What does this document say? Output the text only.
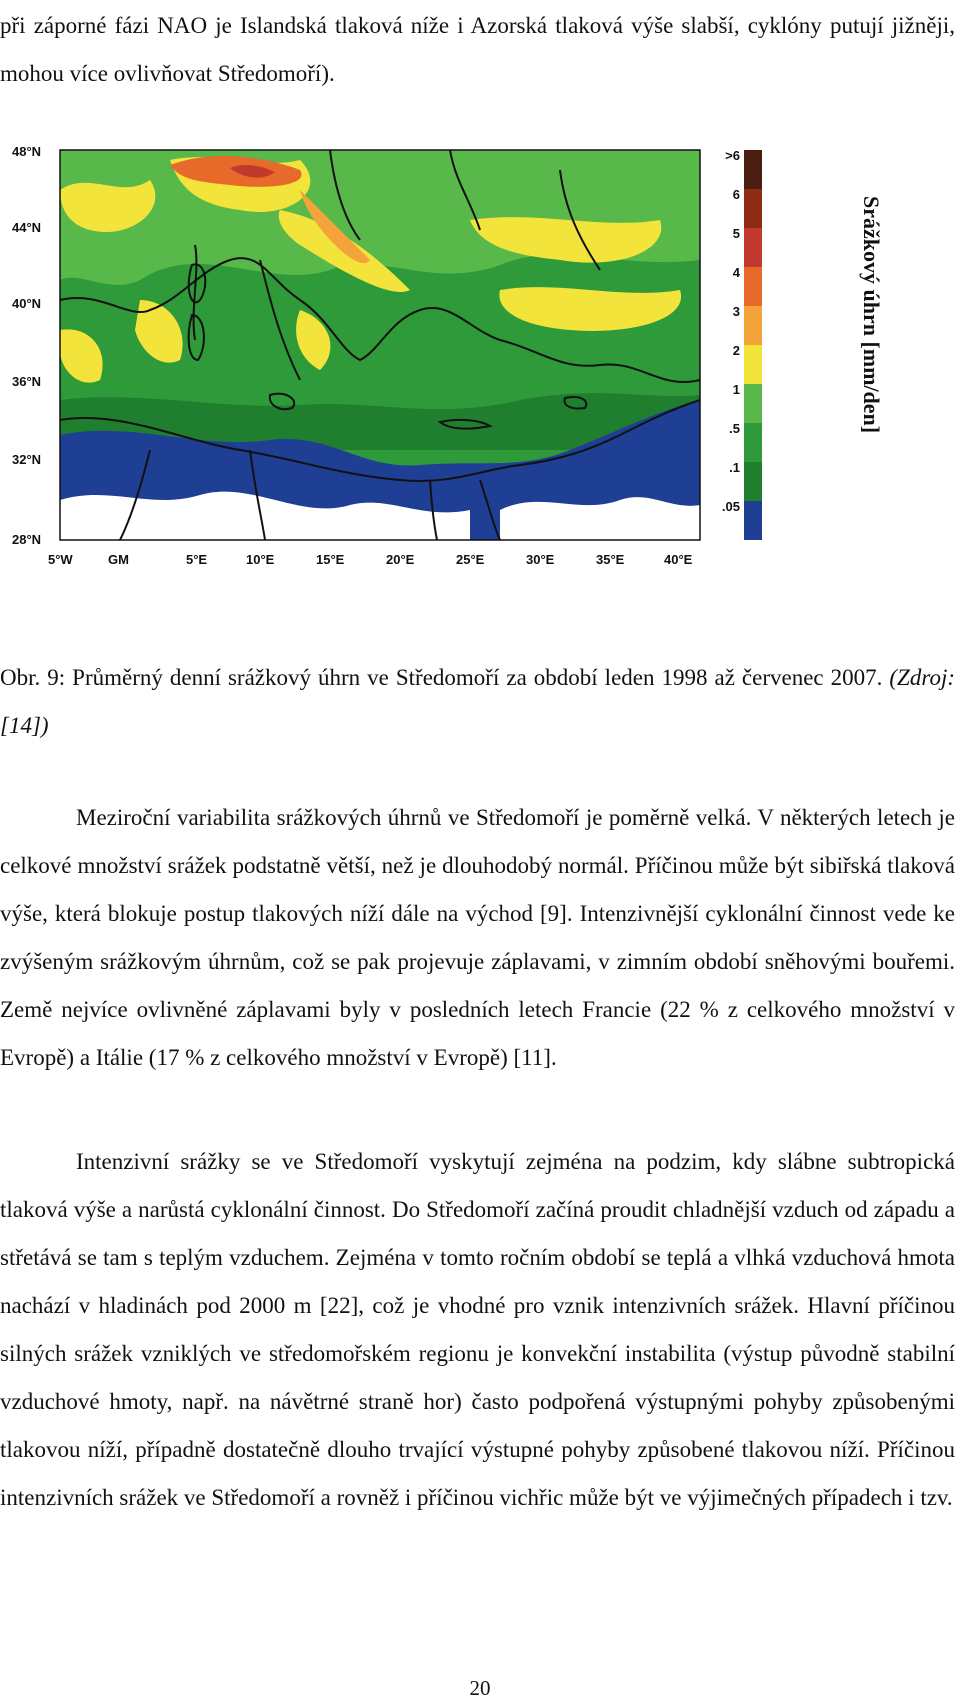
při záporné fázi NAO je Islandská tlaková níže i Azorská tlaková výše slabší, cyklóny putují jižněji, mohou více ovlivňovat Středomoří).

48°N
44°N
40°N
36°N
32°N
28°N
5°W	GM	5°E	10°E	15°E	20°E	25°E	30°E	35°E	40°E
>6
6
5
4
3
2
1
.5
.1
.05
Srážkový úhrn [mm/den]

Obr. 9: Průměrný denní srážkový úhrn ve Středomoří za období leden 1998 až červenec 2007. (Zdroj: [14])

Meziroční variabilita srážkových úhrnů ve Středomoří je poměrně velká. V některých letech je celkové množství srážek podstatně větší, než je dlouhodobý normál. Příčinou může být sibiřská tlaková výše, která blokuje postup tlakových níží dále na východ [9]. Intenzivnější cyklonální činnost vede ke zvýšeným srážkovým úhrnům, což se pak projevuje záplavami, v zimním období sněhovými bouřemi. Země nejvíce ovlivněné záplavami byly v posledních letech Francie (22 % z celkového množství v Evropě) a Itálie (17 % z celkového množství v Evropě) [11].

Intenzivní srážky se ve Středomoří vyskytují zejména na podzim, kdy slábne subtropická tlaková výše a narůstá cyklonální činnost. Do Středomoří začíná proudit chladnější vzduch od západu a střetává se tam s teplým vzduchem. Zejména v tomto ročním období se teplá a vlhká vzduchová hmota nachází v hladinách pod 2000 m [22], což je vhodné pro vznik intenzivních srážek. Hlavní příčinou silných srážek vzniklých ve středomořském regionu je konvekční instabilita (výstup původně stabilní vzduchové hmoty, např. na návětrné straně hor) často podpořená výstupnými pohyby způsobenými tlakovou níží, případně dostatečně dlouho trvající výstupné pohyby způsobené tlakovou níží. Příčinou intenzivních srážek ve Středomoří a rovněž i příčinou vichřic může být ve výjimečných případech i tzv.

20
